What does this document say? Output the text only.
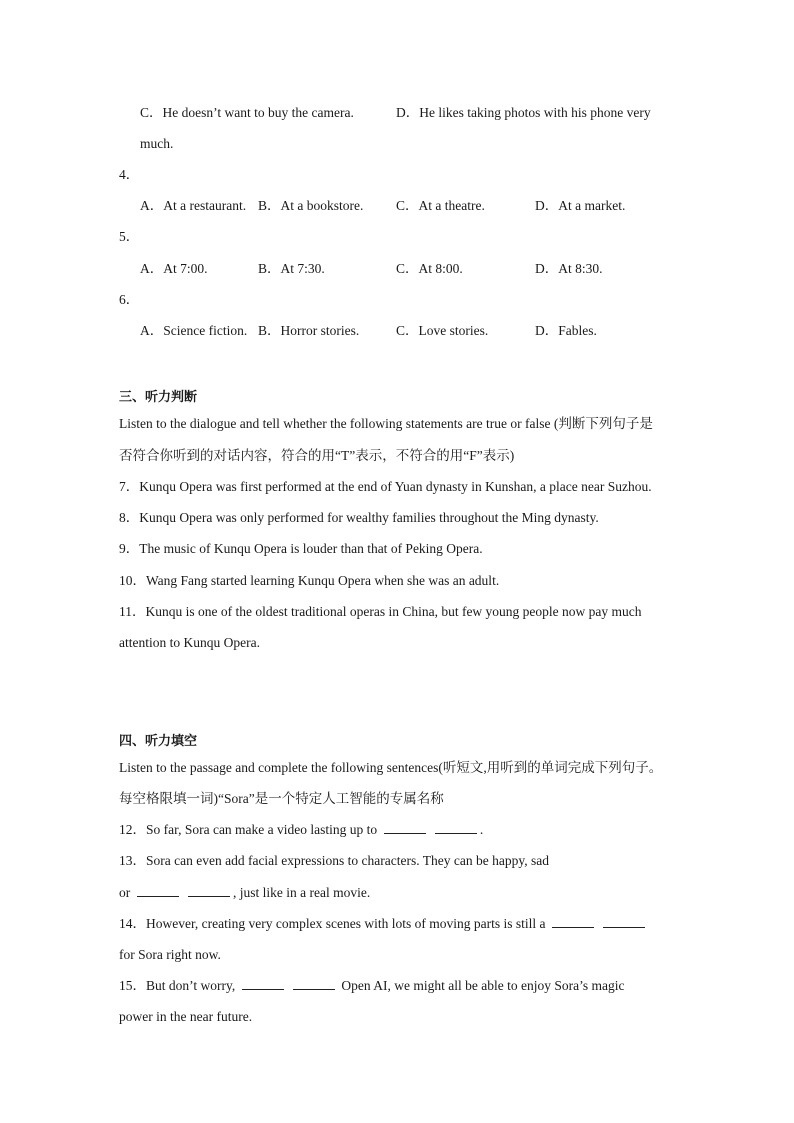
C．He doesn’t want to buy the camera.	D．He likes taking photos with his phone very
much.
4．
A．At a restaurant. B．At a bookstore. C．At a theatre.	D．At a market.
5．
A．At 7:00.	B．At 7:30.	C．At 8:00.	D．At 8:30.
6．
A．Science fiction. B．Horror stories.	C．Love stories.	D．Fables.
三、听力判断
Listen to the dialogue and tell whether the following statements are true or false (判断下列句子是
否符合你听到的对话内容，符合的用“T”表示，不符合的用“F”表示)
7．Kunqu Opera was first performed at the end of Yuan dynasty in Kunshan, a place near Suzhou.
8．Kunqu Opera was only performed for wealthy families throughout the Ming dynasty.
9．The music of Kunqu Opera is louder than that of Peking Opera.
10．Wang Fang started learning Kunqu Opera when she was an adult.
11．Kunqu is one of the oldest traditional operas in China, but few young people now pay much
attention to Kunqu Opera.
四、听力填空
Listen to the passage and complete the following sentences(听短文,用听到的单词完成下列句子。
每空格限填一词)“Sora”是一个特定人工智能的专属名称
12．So far, Sora can make a video lasting up to	.
13．Sora can even add facial expressions to characters. They can be happy, sad
or	, just like in a real movie.
14．However, creating very complex scenes with lots of moving parts is still a
for Sora right now.
15．But don’t worry,	Open AI, we might all be able to enjoy Sora’s magic
power in the near future.
